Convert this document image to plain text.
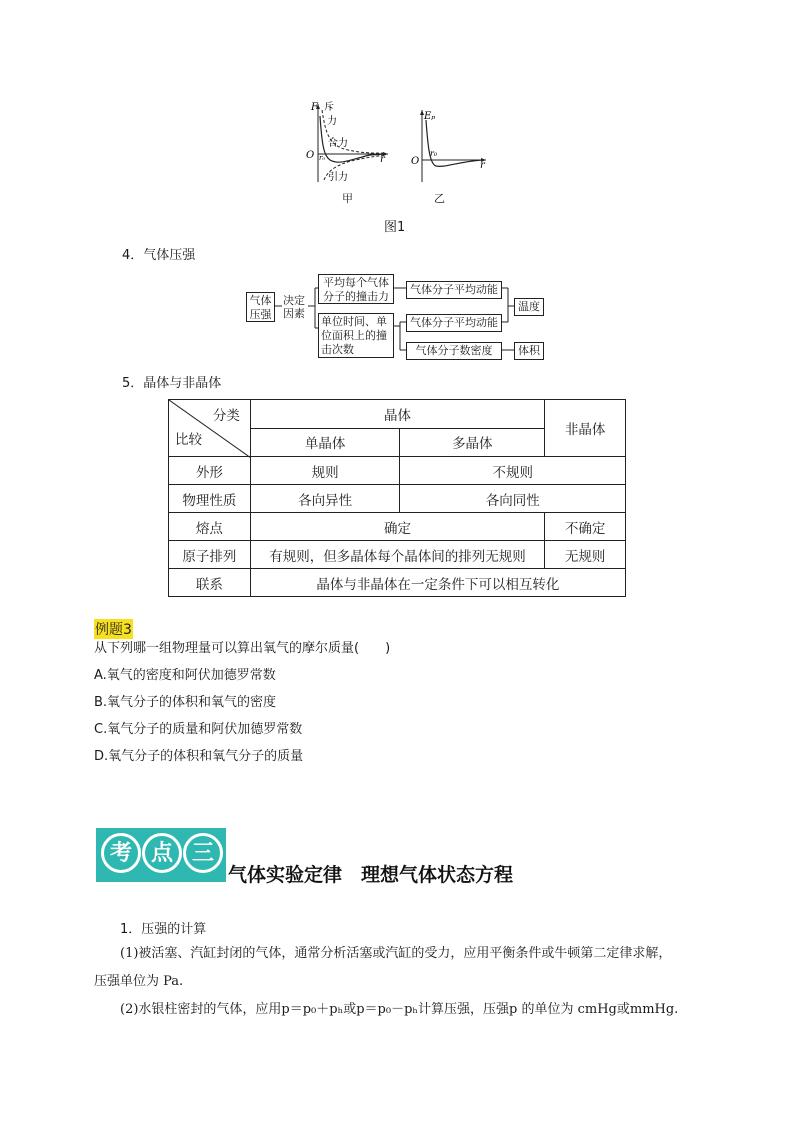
F 斥
力
合力
引力
O r₀	r
甲
Eₚ
O
r₀
r
乙
图1
4．气体压强
气体压强
决定因素
平均每个气体分子的撞击力
单位时间、单位面积上的撞击次数
气体分子平均动能
气体分子平均动能
气体分子数密度
温度
体积
5．晶体与非晶体
分类
比较	晶体		非晶体
	单晶体	多晶体	
外形	规则	不规则	
物理性质	各向异性	各向同性	
熔点	确定		不确定
原子排列	有规则，但多晶体每个晶体间的排列无规则		无规则
联系	晶体与非晶体在一定条件下可以相互转化		
例题3
从下列哪一组物理量可以算出氧气的摩尔质量(　　)
A.氧气的密度和阿伏加德罗常数
B.氧气分子的体积和氧气的密度
C.氧气分子的质量和阿伏加德罗常数
D.氧气分子的体积和氧气分子的质量
考 点 三
气体实验定律　理想气体状态方程
1．压强的计算
(1)被活塞、汽缸封闭的气体，通常分析活塞或汽缸的受力，应用平衡条件或牛顿第二定律求解，
压强单位为 Pa.
(2)水银柱密封的气体，应用p＝p₀＋pₕ或p＝p₀－pₕ计算压强，压强p 的单位为 cmHg或mmHg.
